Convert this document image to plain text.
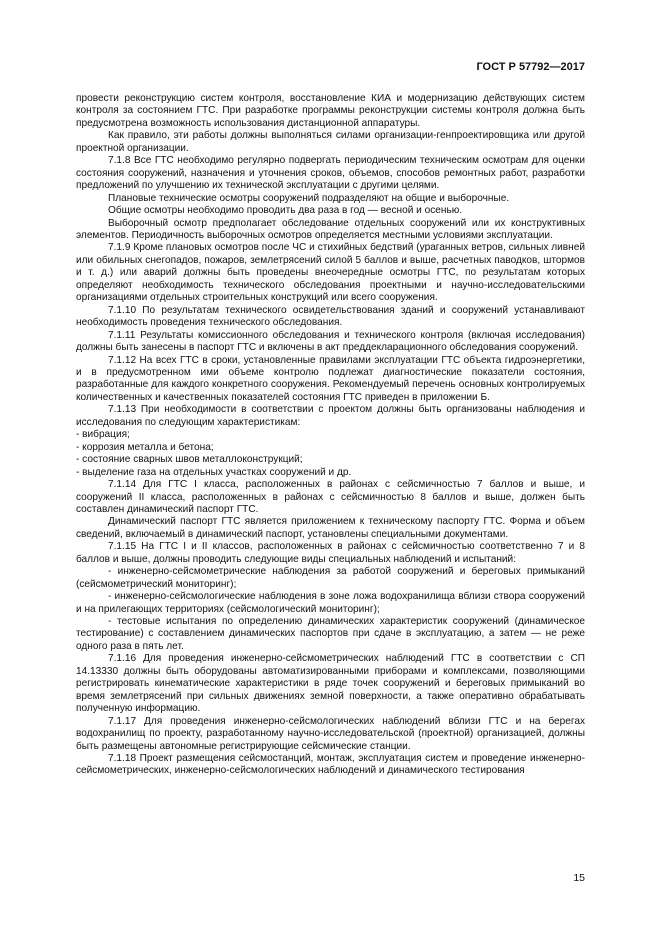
ГОСТ Р 57792—2017

провести реконструкцию систем контроля, восстановление КИА и модернизацию действующих систем контроля за состоянием ГТС. При разработке программы реконструкции системы контроля должна быть предусмотрена возможность использования дистанционной аппаратуры.

Как правило, эти работы должны выполняться силами организации-генпроектировщика или другой проектной организации.

7.1.8 Все ГТС необходимо регулярно подвергать периодическим техническим осмотрам для оценки состояния сооружений, назначения и уточнения сроков, объемов, способов ремонтных работ, разработки предложений по улучшению их технической эксплуатации с другими целями.

Плановые технические осмотры сооружений подразделяют на общие и выборочные.

Общие осмотры необходимо проводить два раза в год — весной и осенью.

Выборочный осмотр предполагает обследование отдельных сооружений или их конструктивных элементов. Периодичность выборочных осмотров определяется местными условиями эксплуатации.

7.1.9 Кроме плановых осмотров после ЧС и стихийных бедствий (ураганных ветров, сильных ливней или обильных снегопадов, пожаров, землетрясений силой 5 баллов и выше, расчетных паводков, штормов и т. д.) или аварий должны быть проведены внеочередные осмотры ГТС, по результатам которых определяют необходимость технического обследования проектными и научно-исследовательскими организациями отдельных строительных конструкций или всего сооружения.

7.1.10 По результатам технического освидетельствования зданий и сооружений устанавливают необходимость проведения технического обследования.

7.1.11 Результаты комиссионного обследования и технического контроля (включая исследования) должны быть занесены в паспорт ГТС и включены в акт преддекларационного обследования сооружений.

7.1.12 На всех ГТС в сроки, установленные правилами эксплуатации ГТС объекта гидроэнергетики, и в предусмотренном ими объеме контролю подлежат диагностические показатели состояния, разработанные для каждого конкретного сооружения. Рекомендуемый перечень основных контролируемых количественных и качественных показателей состояния ГТС приведен в приложении Б.

7.1.13 При необходимости в соответствии с проектом должны быть организованы наблюдения и исследования по следующим характеристикам:

- вибрация;

- коррозия металла и бетона;

- состояние сварных швов металлоконструкций;

- выделение газа на отдельных участках сооружений и др.

7.1.14 Для ГТС I класса, расположенных в районах с сейсмичностью 7 баллов и выше, и сооружений II класса, расположенных в районах с сейсмичностью 8 баллов и выше, должен быть составлен динамический паспорт ГТС.

Динамический паспорт ГТС является приложением к техническому паспорту ГТС. Форма и объем сведений, включаемый в динамический паспорт, установлены специальными документами.

7.1.15 На ГТС I и II классов, расположенных в районах с сейсмичностью соответственно 7 и 8 баллов и выше, должны проводить следующие виды специальных наблюдений и испытаний:

- инженерно-сейсмометрические наблюдения за работой сооружений и береговых примыканий (сейсмометрический мониторинг);

- инженерно-сейсмологические наблюдения в зоне ложа водохранилища вблизи створа сооружений и на прилегающих территориях (сейсмологический мониторинг);

- тестовые испытания по определению динамических характеристик сооружений (динамическое тестирование) с составлением динамических паспортов при сдаче в эксплуатацию, а затем — не реже одного раза в пять лет.

7.1.16 Для проведения инженерно-сейсмометрических наблюдений ГТС в соответствии с СП 14.13330 должны быть оборудованы автоматизированными приборами и комплексами, позволяющими регистрировать кинематические характеристики в ряде точек сооружений и береговых примыканий во время землетрясений при сильных движениях земной поверхности, а также оперативно обрабатывать полученную информацию.

7.1.17 Для проведения инженерно-сейсмологических наблюдений вблизи ГТС и на берегах водохранилищ по проекту, разработанному научно-исследовательской (проектной) организацией, должны быть размещены автономные регистрирующие сейсмические станции.

7.1.18 Проект размещения сейсмостанций, монтаж, эксплуатация систем и проведение инженерно-сейсмометрических, инженерно-сейсмологических наблюдений и динамического тестирования

15
